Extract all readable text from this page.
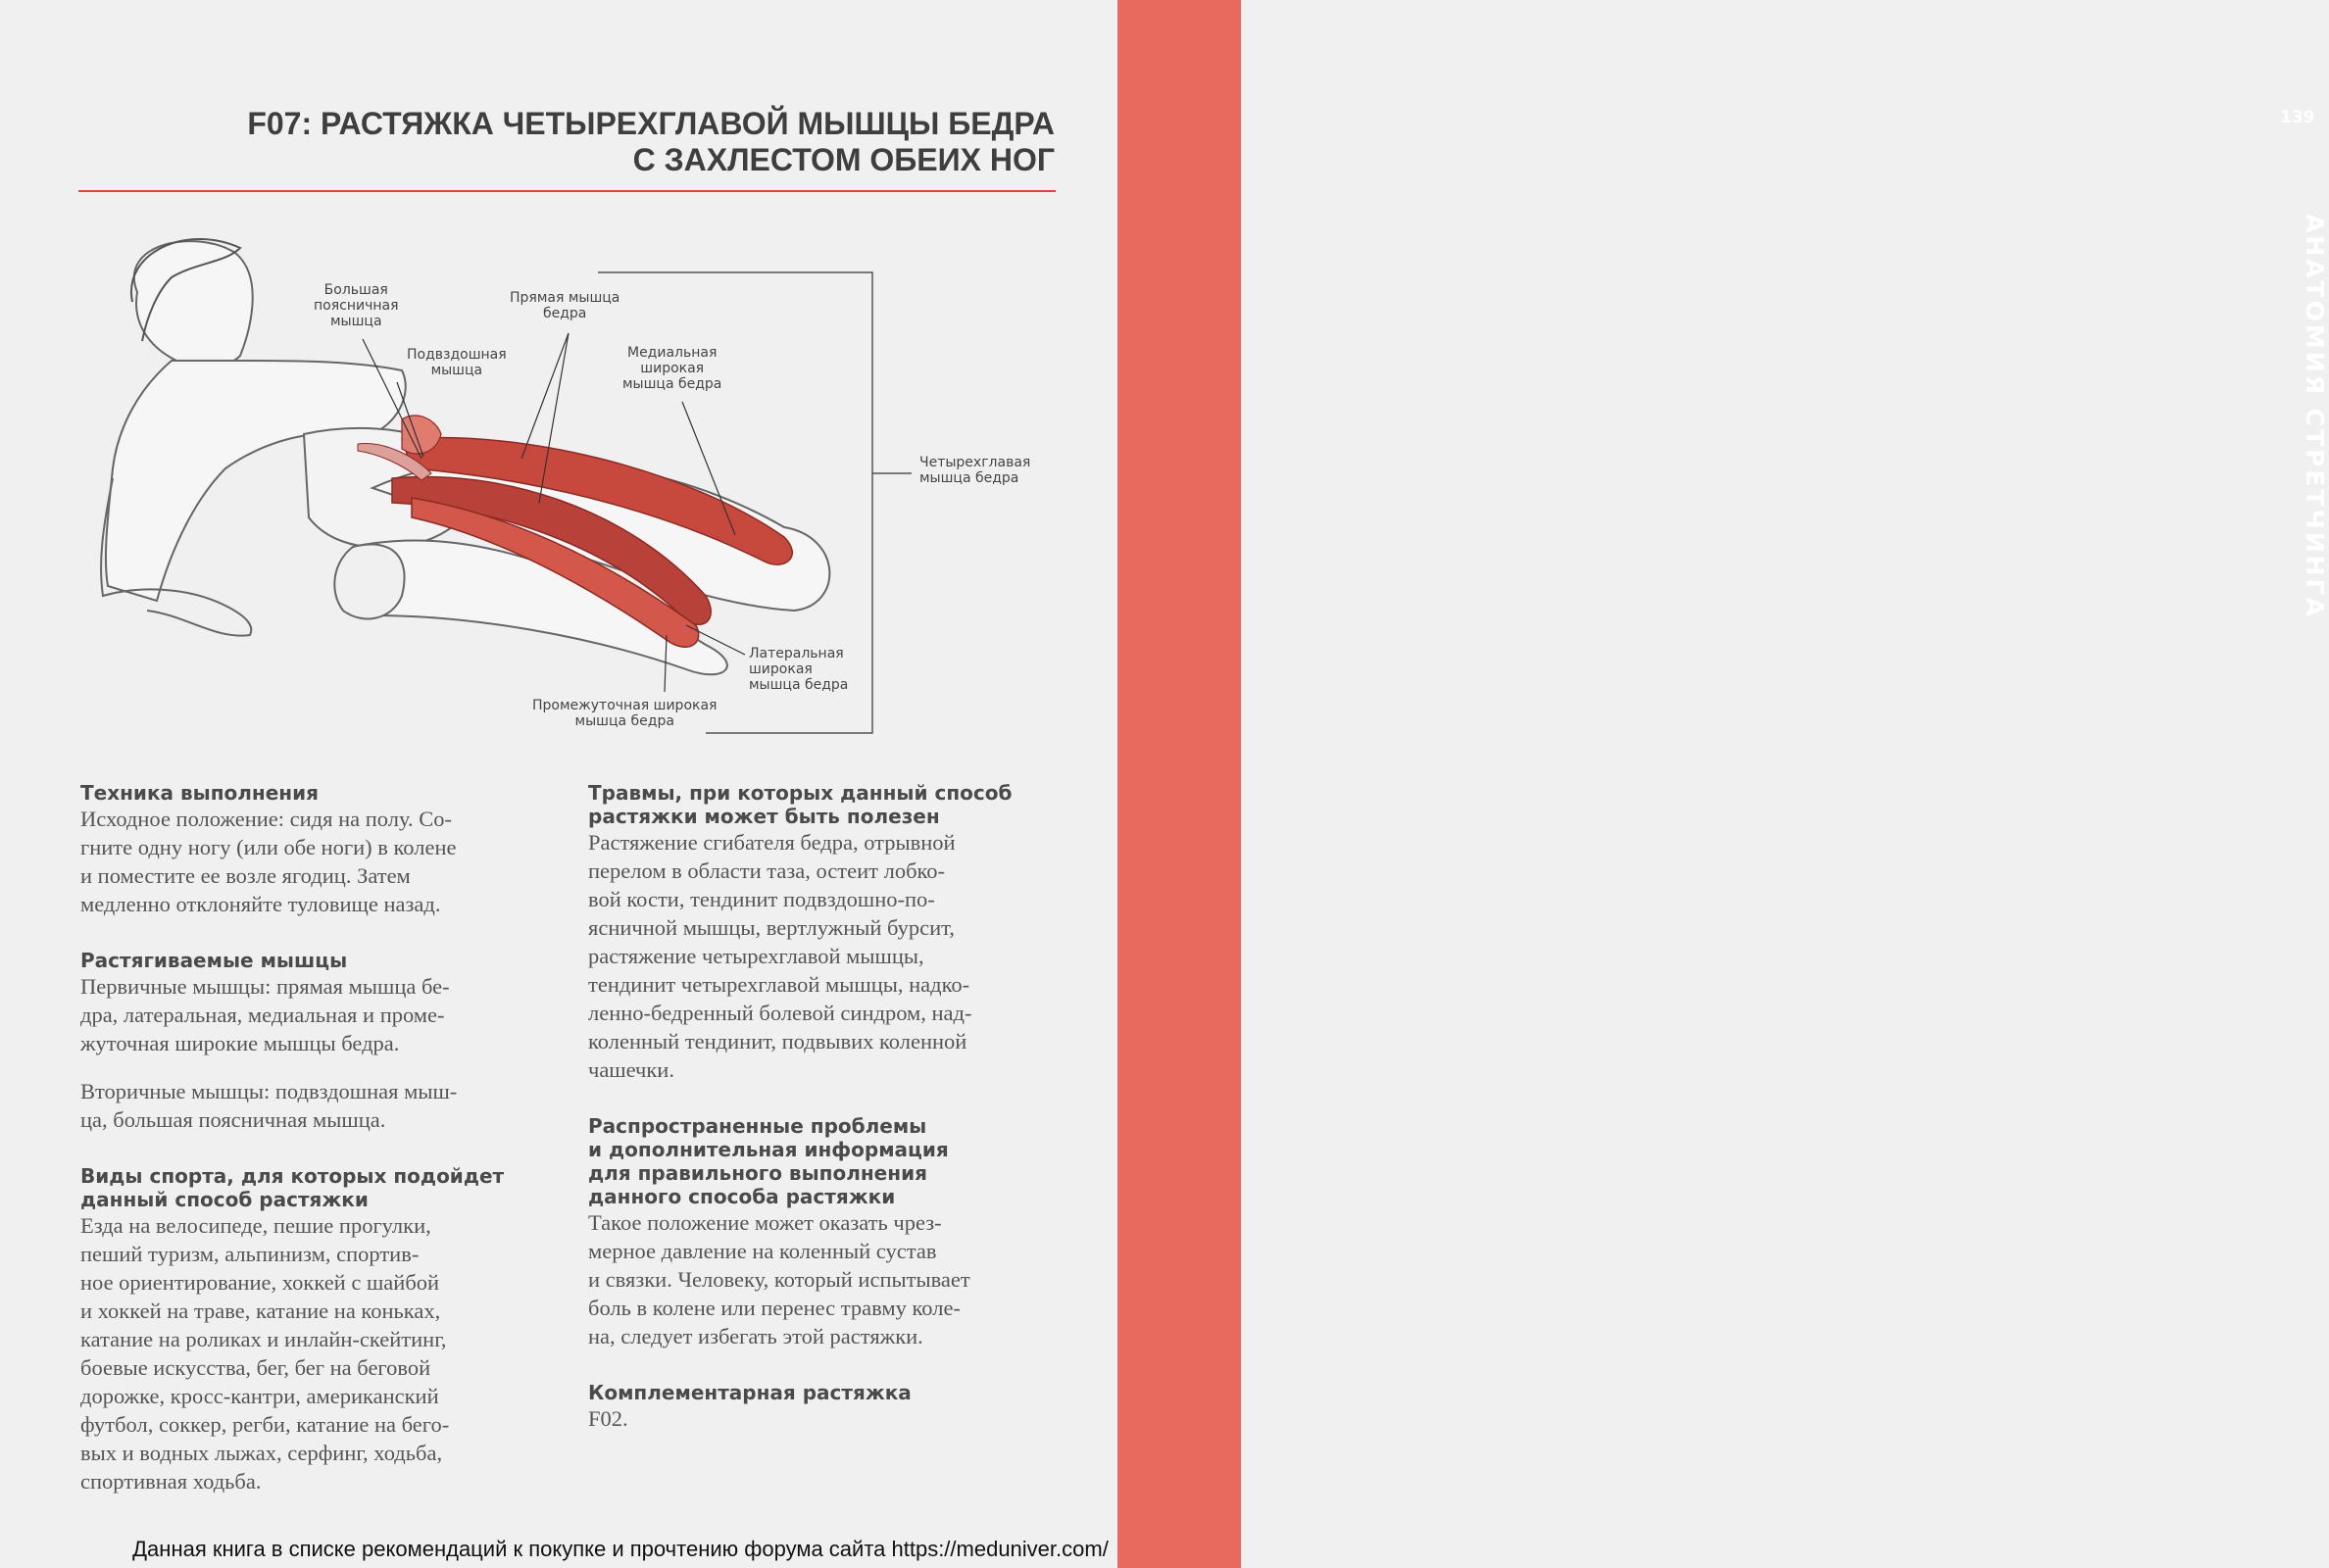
139
АНАТОМИЯ СТРЕТЧИНГА
F07: РАСТЯЖКА ЧЕТЫРЕХГЛАВОЙ МЫШЦЫ БЕДРА
С ЗАХЛЕСТОМ ОБЕИХ НОГ
Большая
поясничная
мышца
Подвздошная
мышца
Прямая мышца
бедра
Медиальная
широкая
мышца бедра
Четырехглавая
мышца бедра
Латеральная
широкая
мышца бедра
Промежуточная широкая
мышца бедра

Техника выполнения

Исходное положение: сидя на полу. Со-
гните одну ногу (или обе ноги) в колене
и поместите ее возле ягодиц. Затем
медленно отклоняйте туловище назад.

Растягиваемые мышцы

Первичные мышцы: прямая мышца бе-
дра, латеральная, медиальная и проме-
жуточная широкие мышцы бедра.

Вторичные мышцы: подвздошная мыш-
ца, большая поясничная мышца.

Виды спорта, для которых подойдет
данный способ растяжки

Езда на велосипеде, пешие прогулки,
пеший туризм, альпинизм, спортив-
ное ориентирование, хоккей с шайбой
и хоккей на траве, катание на коньках,
катание на роликах и инлайн-скейтинг,
боевые искусства, бег, бег на беговой
дорожке, кросс-кантри, американский
футбол, соккер, регби, катание на бего-
вых и водных лыжах, серфинг, ходьба,
спортивная ходьба.

Травмы, при которых данный способ
растяжки может быть полезен

Растяжение сгибателя бедра, отрывной
перелом в области таза, остеит лобко-
вой кости, тендинит подвздошно-по-
ясничной мышцы, вертлужный бурсит,
растяжение четырехглавой мышцы,
тендинит четырехглавой мышцы, надко-
ленно-бедренный болевой синдром, над-
коленный тендинит, подвывих коленной
чашечки.

Распространенные проблемы
и дополнительная информация
для правильного выполнения
данного способа растяжки

Такое положение может оказать чрез-
мерное давление на коленный сустав
и связки. Человеку, который испытывает
боль в колене или перенес травму коле-
на, следует избегать этой растяжки.

Комплементарная растяжка

F02.

Данная книга в списке рекомендаций к покупке и прочтению форума сайта https://meduniver.com/
